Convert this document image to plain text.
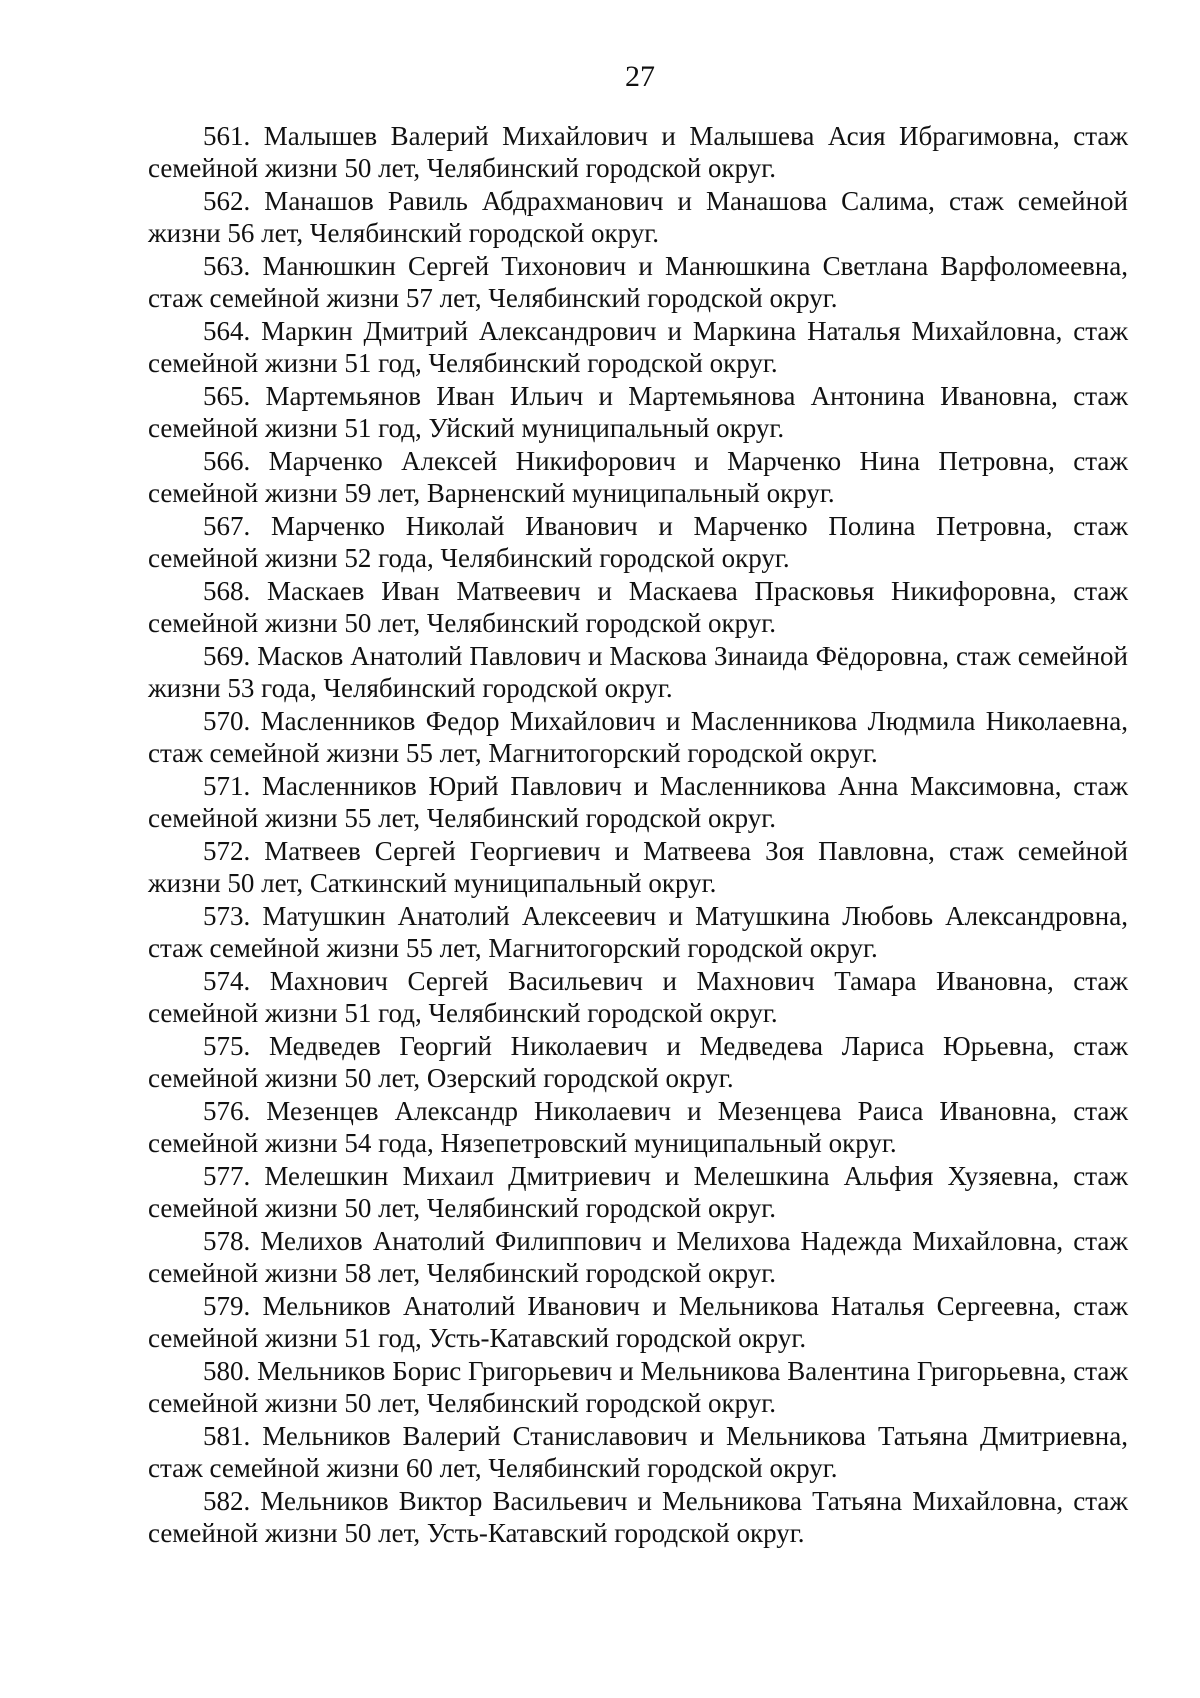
27

561. Малышев Валерий Михайлович и Малышева Асия Ибрагимовна, стаж семейной жизни 50 лет, Челябинский городской округ.

562. Манашов Равиль Абдрахманович и Манашова Салима, стаж семейной жизни 56 лет, Челябинский городской округ.

563. Манюшкин Сергей Тихонович и Манюшкина Светлана Варфоломеевна, стаж семейной жизни 57 лет, Челябинский городской округ.

564. Маркин Дмитрий Александрович и Маркина Наталья Михайловна, стаж семейной жизни 51 год, Челябинский городской округ.

565. Мартемьянов Иван Ильич и Мартемьянова Антонина Ивановна, стаж семейной жизни 51 год, Уйский муниципальный округ.

566. Марченко Алексей Никифорович и Марченко Нина Петровна, стаж семейной жизни 59 лет, Варненский муниципальный округ.

567. Марченко Николай Иванович и Марченко Полина Петровна, стаж семейной жизни 52 года, Челябинский городской округ.

568. Маскаев Иван Матвеевич и Маскаева Прасковья Никифоровна, стаж семейной жизни 50 лет, Челябинский городской округ.

569. Масков Анатолий Павлович и Маскова Зинаида Фёдоровна, стаж семейной жизни 53 года, Челябинский городской округ.

570. Масленников Федор Михайлович и Масленникова Людмила Николаевна, стаж семейной жизни 55 лет, Магнитогорский городской округ.

571. Масленников Юрий Павлович и Масленникова Анна Максимовна, стаж семейной жизни 55 лет, Челябинский городской округ.

572. Матвеев Сергей Георгиевич и Матвеева Зоя Павловна, стаж семейной жизни 50 лет, Саткинский муниципальный округ.

573. Матушкин Анатолий Алексеевич и Матушкина Любовь Александровна, стаж семейной жизни 55 лет, Магнитогорский городской округ.

574. Махнович Сергей Васильевич и Махнович Тамара Ивановна, стаж семейной жизни 51 год, Челябинский городской округ.

575. Медведев Георгий Николаевич и Медведева Лариса Юрьевна, стаж семейной жизни 50 лет, Озерский городской округ.

576. Мезенцев Александр Николаевич и Мезенцева Раиса Ивановна, стаж семейной жизни 54 года, Нязепетровский муниципальный округ.

577. Мелешкин Михаил Дмитриевич и Мелешкина Альфия Хузяевна, стаж семейной жизни 50 лет, Челябинский городской округ.

578. Мелихов Анатолий Филиппович и Мелихова Надежда Михайловна, стаж семейной жизни 58 лет, Челябинский городской округ.

579. Мельников Анатолий Иванович и Мельникова Наталья Сергеевна, стаж семейной жизни 51 год, Усть-Катавский городской округ.

580. Мельников Борис Григорьевич и Мельникова Валентина Григорьевна, стаж семейной жизни 50 лет, Челябинский городской округ.

581. Мельников Валерий Станиславович и Мельникова Татьяна Дмитриевна, стаж семейной жизни 60 лет, Челябинский городской округ.

582. Мельников Виктор Васильевич и Мельникова Татьяна Михайловна, стаж семейной жизни 50 лет, Усть-Катавский городской округ.
